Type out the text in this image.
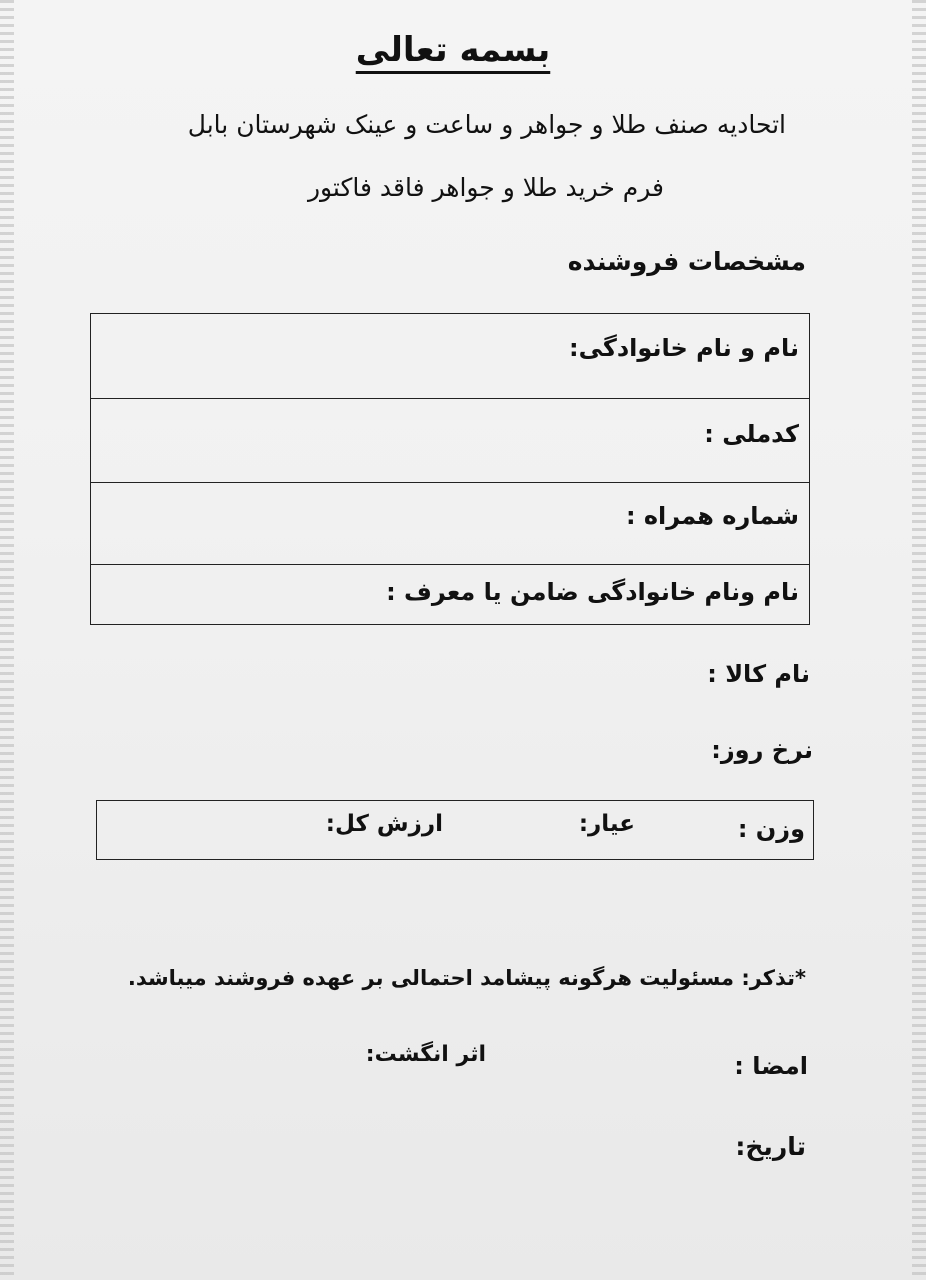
بسمه تعالی
اتحادیه صنف طلا و جواهر و ساعت و عینک شهرستان بابل
فرم خرید طلا و جواهر فاقد فاکتور
مشخصات فروشنده
نام و نام خانوادگی:
کدملی :
شماره همراه :
نام ونام خانوادگی ضامن یا معرف :
نام کالا :
نرخ روز:
وزن :
عیار:
ارزش کل:
*تذکر: مسئولیت هرگونه پیشامد احتمالی بر عهده فروشند میباشد.
امضا :
اثر انگشت:
تاریخ:
